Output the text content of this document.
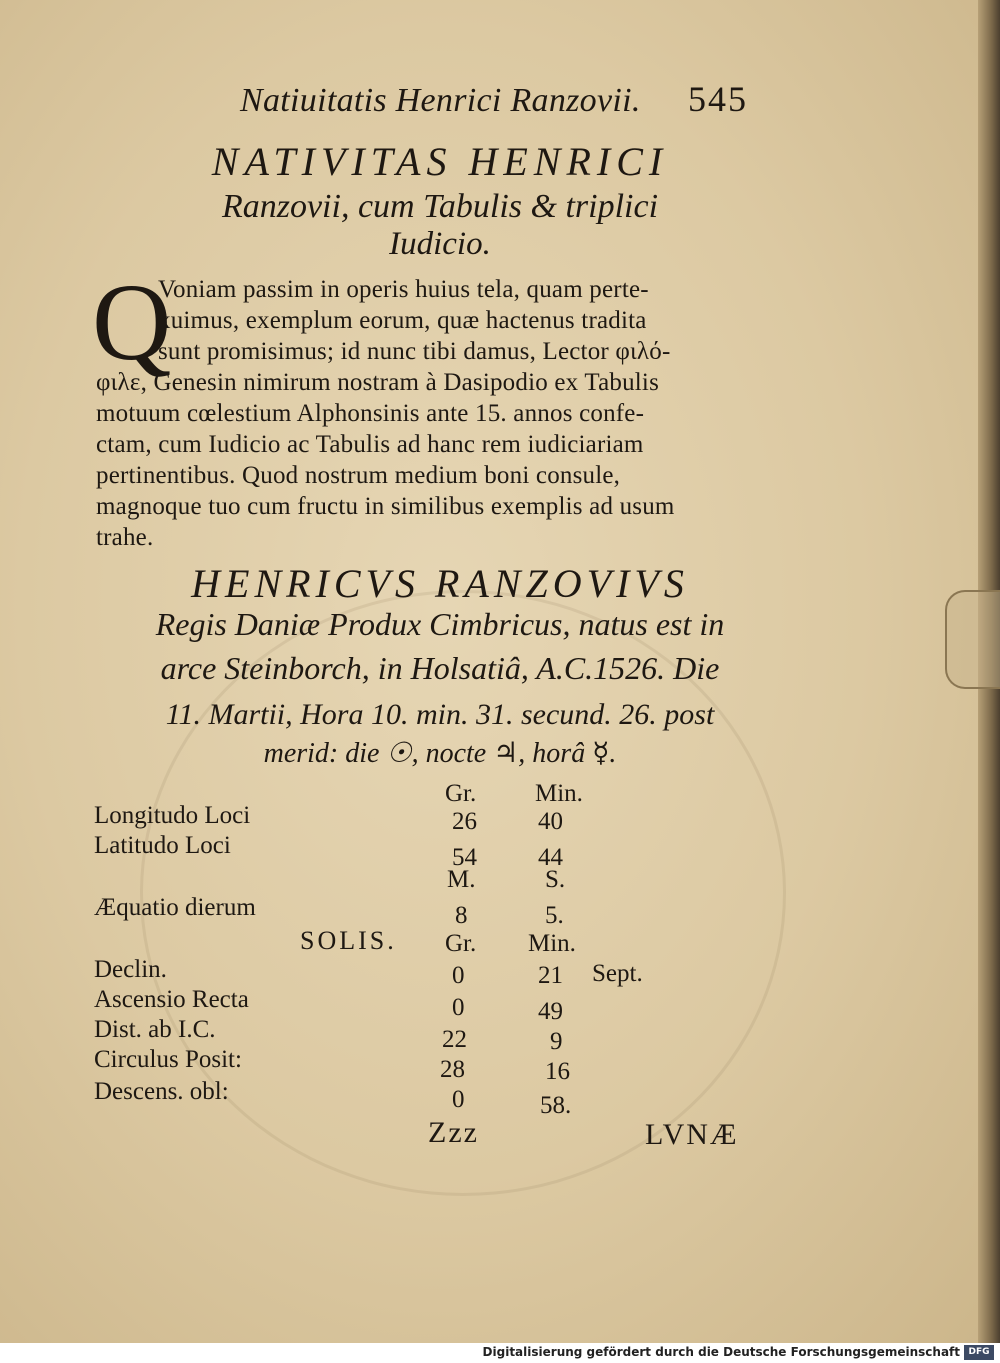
Natiuitatis Henrici Ranzovii. 545
NATIVITAS HENRICI
Ranzovii, cum Tabulis & triplici
Iudicio.
Q
Voniam passim in operis huius tela, quam perte-
xuimus, exemplum eorum, quæ hactenus tradita
sunt promisimus; id nunc tibi damus, Lector φιλό-
φιλε, Genesin nimirum nostram à Dasipodio ex Tabulis
motuum cœlestium Alphonsinis ante 15. annos confe-
ctam, cum Iudicio ac Tabulis ad hanc rem iudiciariam
pertinentibus. Quod nostrum medium boni consule,
magnoque tuo cum fructu in similibus exemplis ad usum
trahe.
HENRICVS RANZOVIVS
Regis Daniæ Produx Cimbricus, natus est in
arce Steinborch, in Holsatiâ, A.C.1526. Die
11. Martii, Hora 10. min. 31. secund. 26. post
merid: die ☉, nocte ♃, horâ ☿.
Gr. Min.
Longitudo Loci	26 40
Latitudo Loci	54 44
M.	S.
Æquatio dierum	8	5.
SOLIS. Gr. Min.
Declin.	0	21 Sept.
Ascensio Recta	0	49
Dist. ab I.C.	22	9
Circulus Posit:	28	16
Descens. obl:	0	58.
Zzz	LVNÆ
Digitalisierung gefördert durch die Deutsche Forschungsgemeinschaft DFG
